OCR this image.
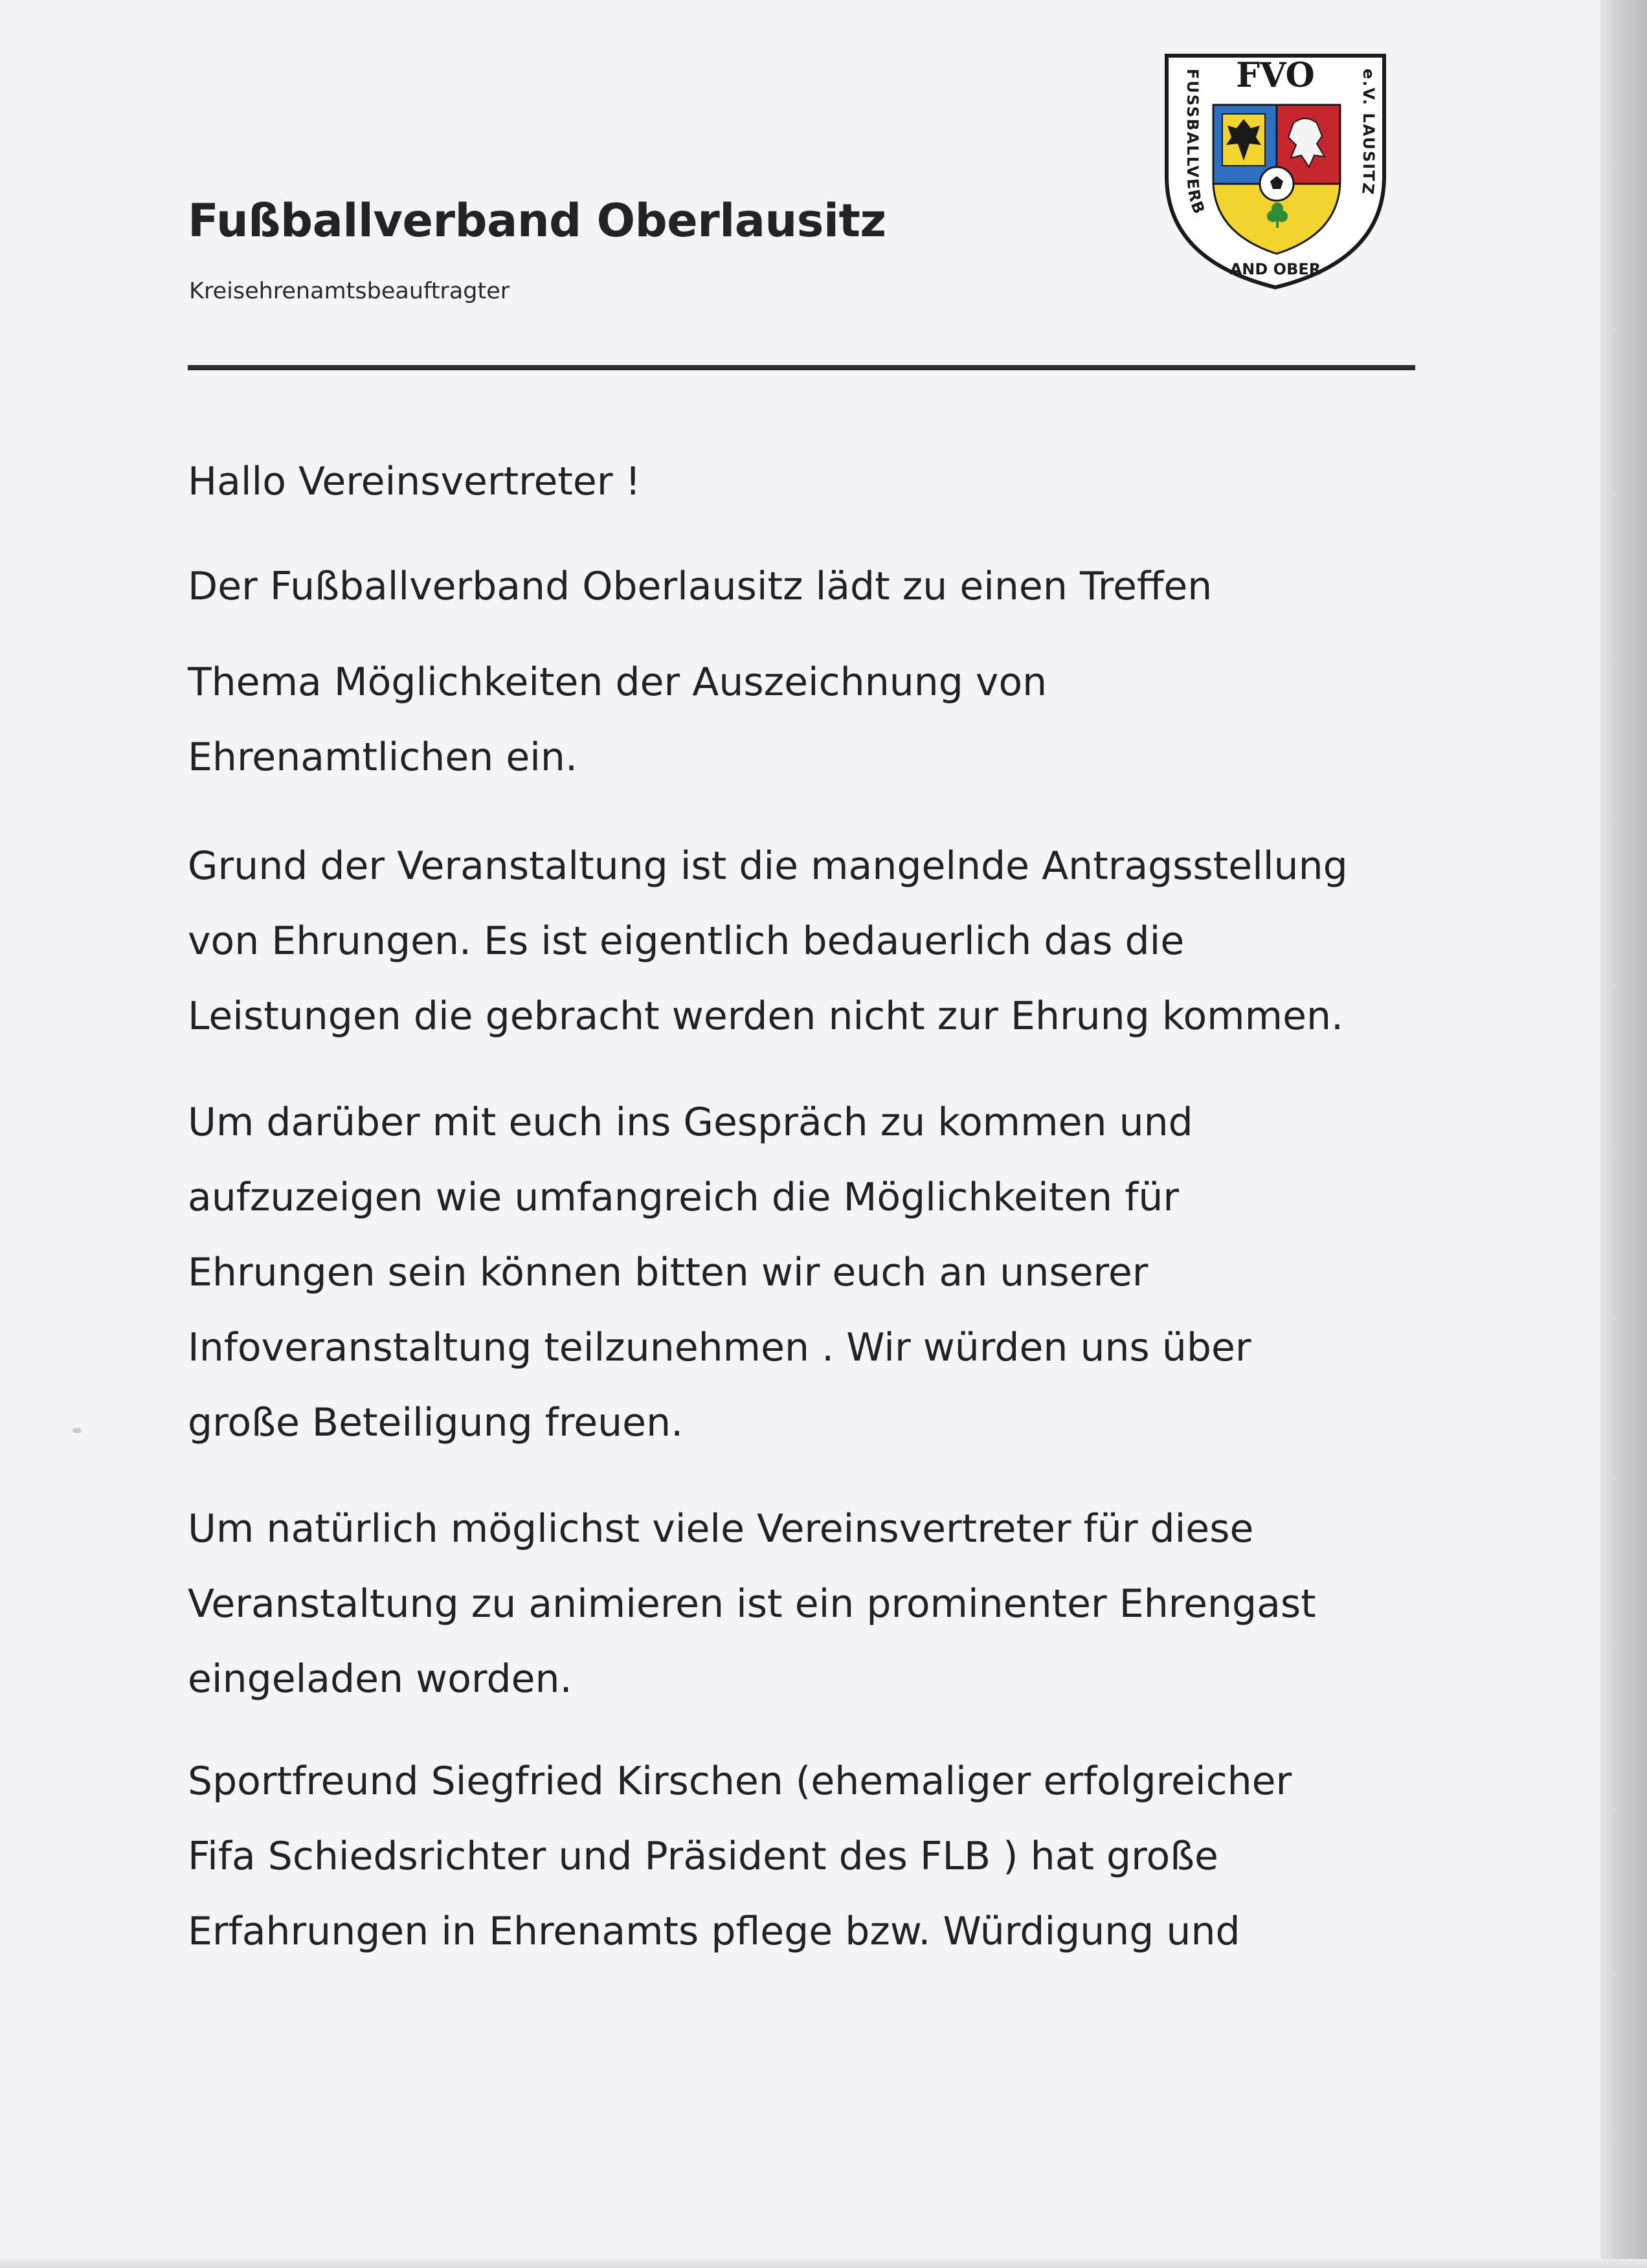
Fußballverband Oberlausitz
Kreisehrenamtsbeauftragter
FVO
FUSSBALLVERB
e.V. LAUSITZ
AND OBER
Hallo Vereinsvertreter !
Der Fußballverband Oberlausitz lädt zu einen Treffen
Thema Möglichkeiten der Auszeichnung von
Ehrenamtlichen ein.
Grund der Veranstaltung ist die mangelnde Antragsstellung
von Ehrungen. Es ist eigentlich bedauerlich das die
Leistungen die gebracht werden nicht zur Ehrung kommen.
Um darüber mit euch ins Gespräch zu kommen und
aufzuzeigen wie umfangreich die Möglichkeiten für
Ehrungen sein können bitten wir euch an unserer
Infoveranstaltung teilzunehmen . Wir würden uns über
große Beteiligung freuen.
Um natürlich möglichst viele Vereinsvertreter für diese
Veranstaltung zu animieren ist ein prominenter Ehrengast
eingeladen worden.
Sportfreund Siegfried Kirschen (ehemaliger erfolgreicher
Fifa Schiedsrichter und Präsident des FLB ) hat große
Erfahrungen in Ehrenamts pflege bzw. Würdigung und
